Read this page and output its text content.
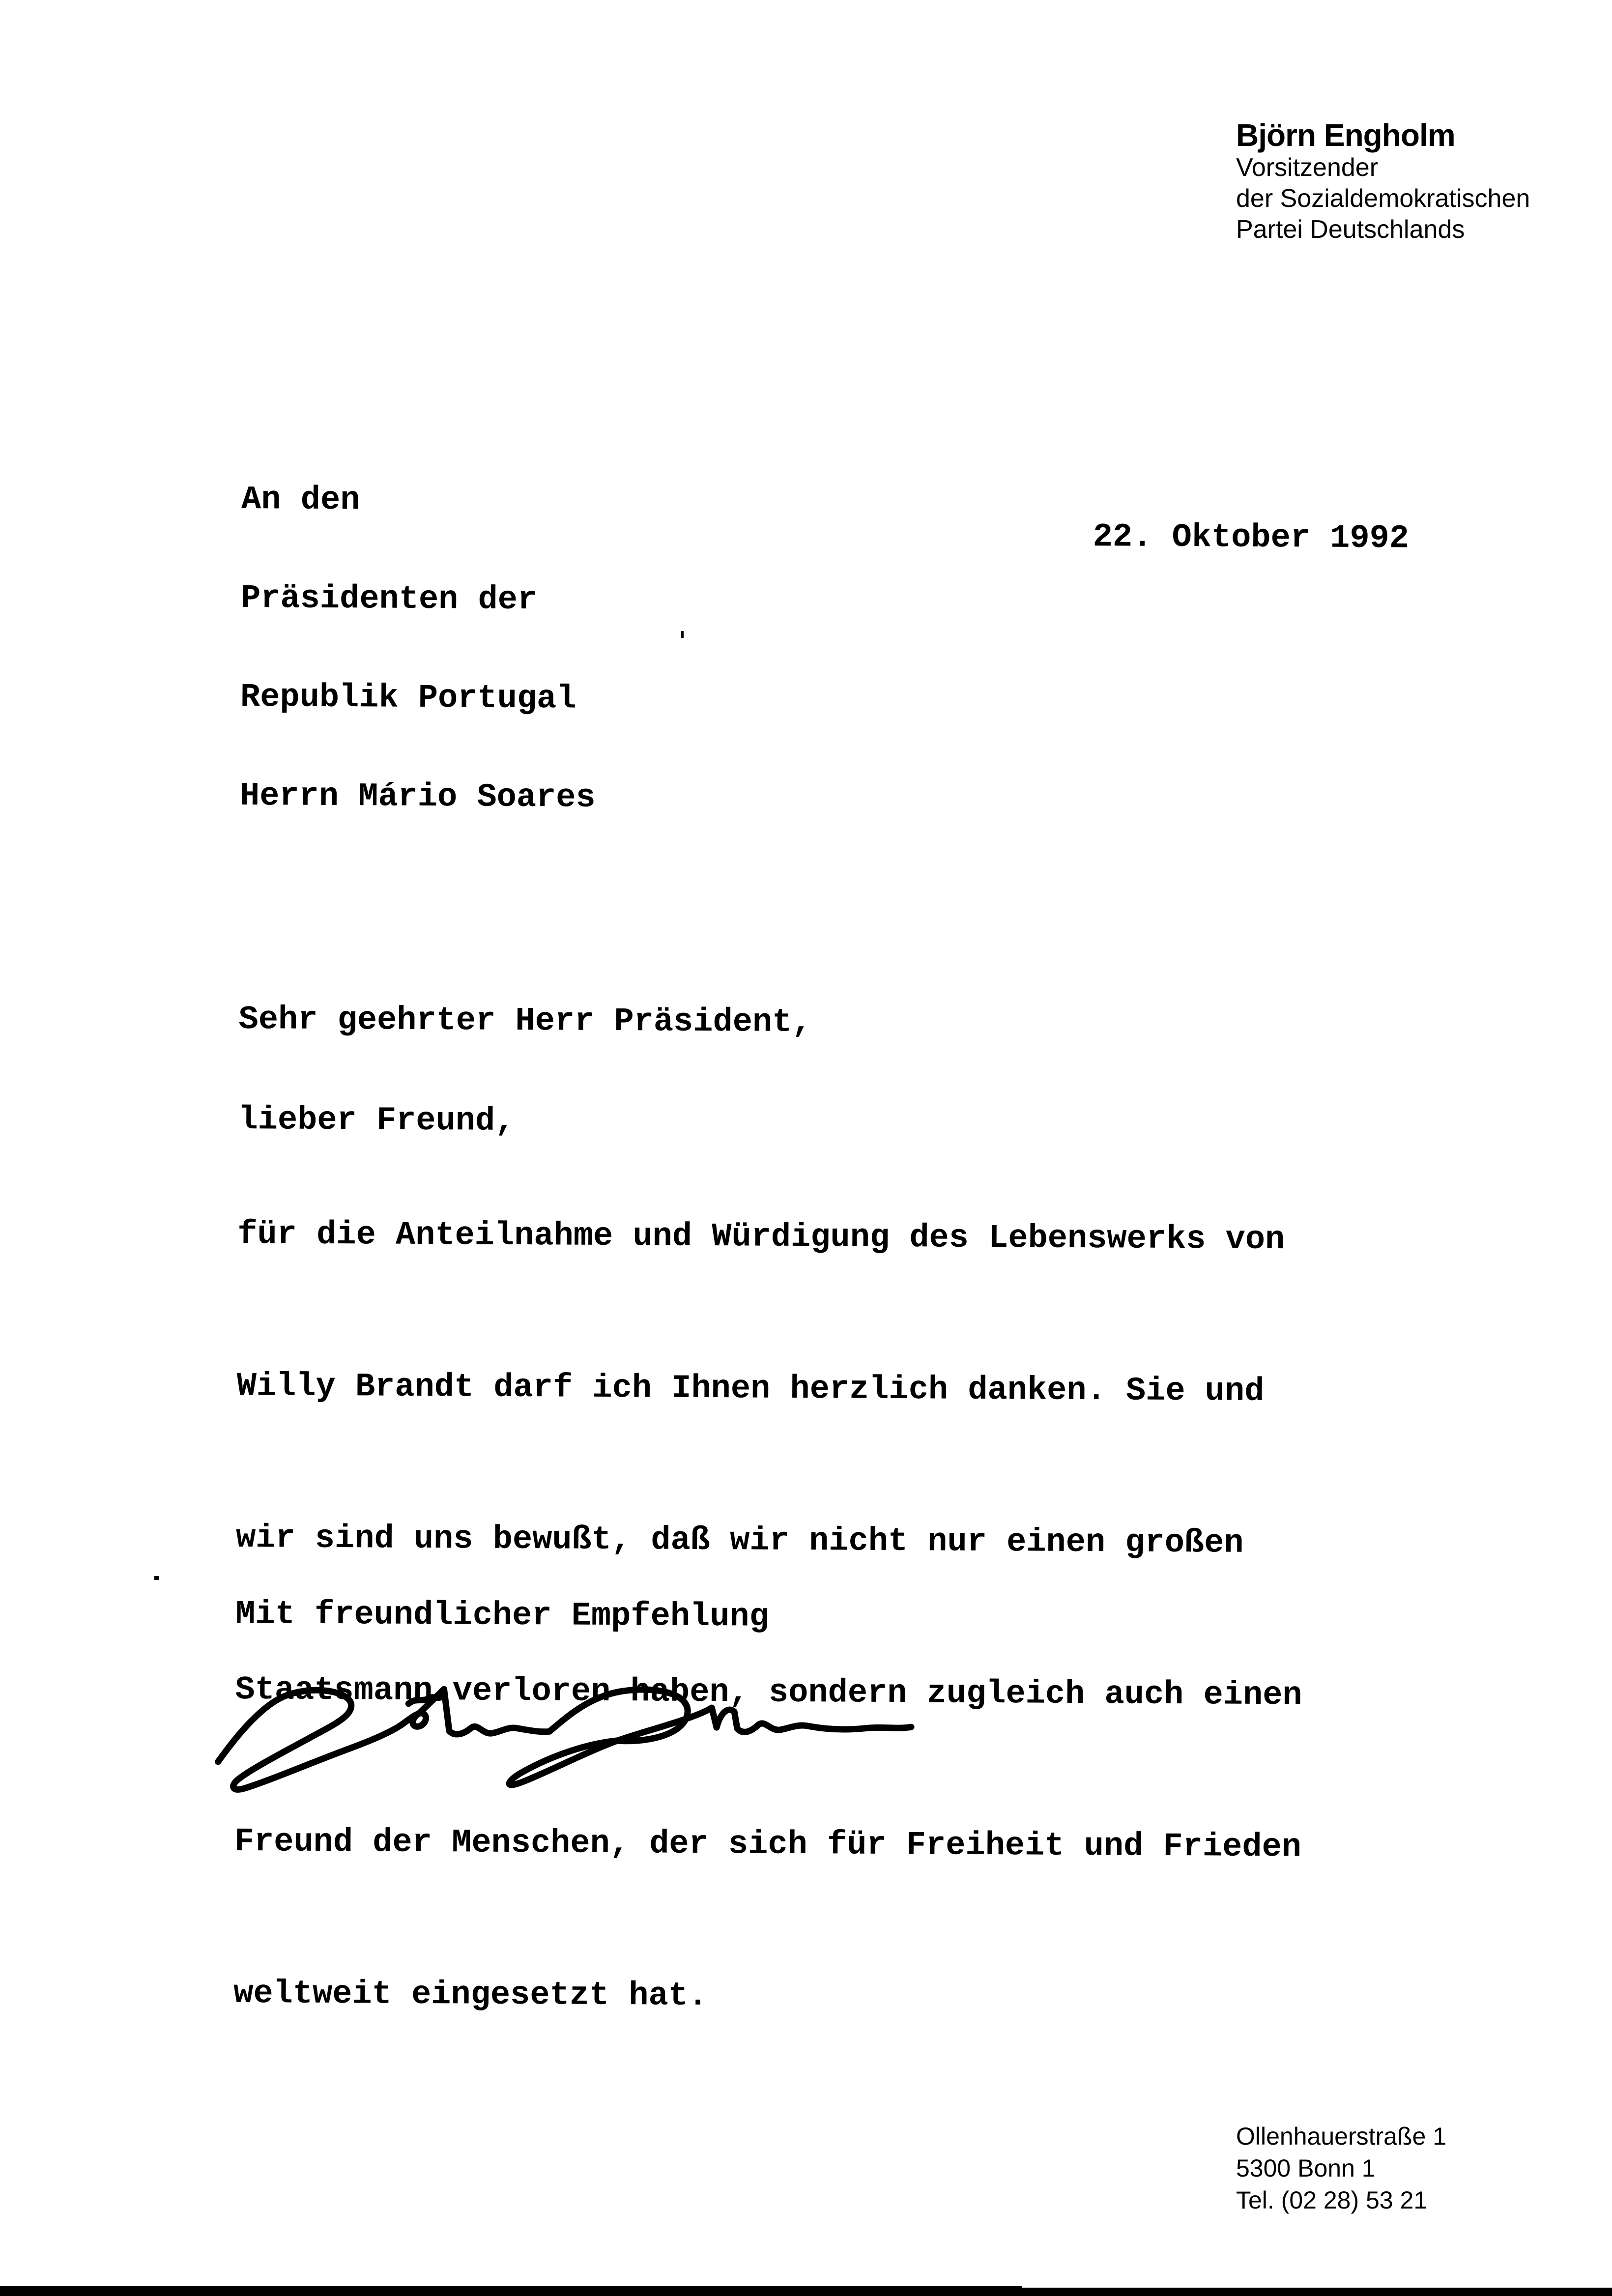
Björn Engholm
Vorsitzender
der Sozialdemokratischen
Partei Deutschlands

An den

Präsidenten der

Republik Portugal

Herrn Mário Soares

22. Oktober 1992

Sehr geehrter Herr Präsident,

lieber Freund,

für die Anteilnahme und Würdigung des Lebenswerks von

Willy Brandt darf ich Ihnen herzlich danken. Sie und

wir sind uns bewußt, daß wir nicht nur einen großen

Staatsmann verloren haben, sondern zugleich auch einen

Freund der Menschen, der sich für Freiheit und Frieden

weltweit eingesetzt hat.

Mit freundlicher Empfehlung
Ollenhauerstraße 1
5300 Bonn 1
Tel. (02 28) 53 21
